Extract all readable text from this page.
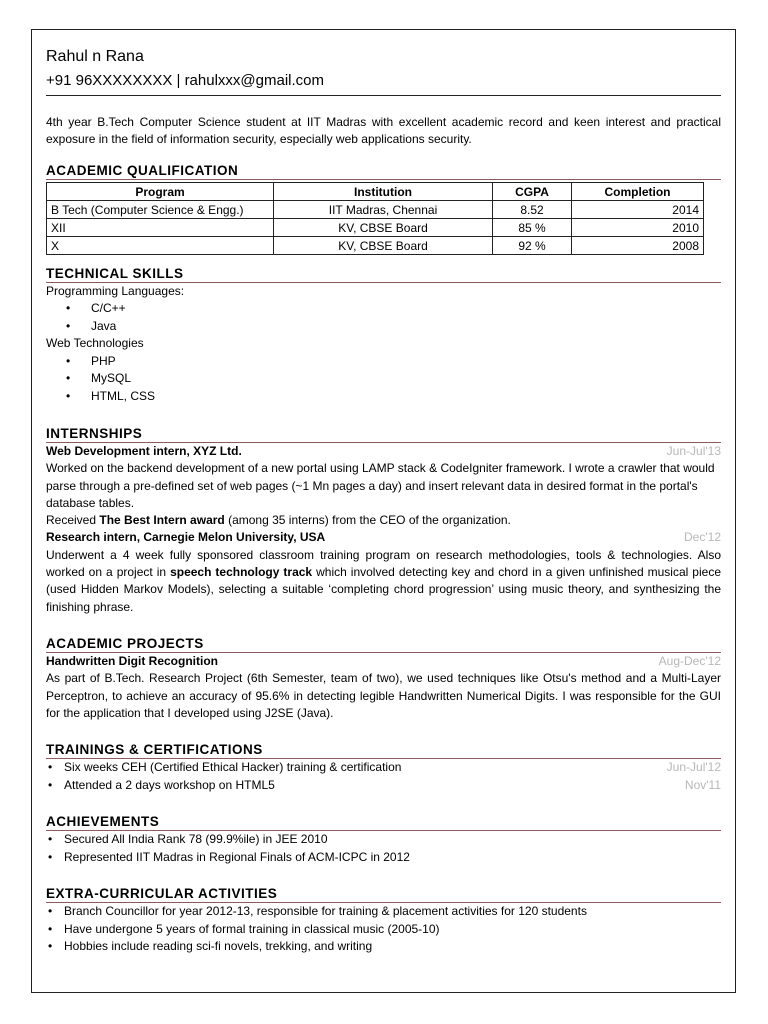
Rahul n Rana
+91 96XXXXXXXX | rahulxxx@gmail.com
4th year B.Tech Computer Science student at IIT Madras with excellent academic record and keen interest and practical exposure in the field of information security, especially web applications security.
ACADEMIC QUALIFICATION
Program	Institution	CGPA	Completion
B Tech (Computer Science & Engg.)	IIT Madras, Chennai	8.52	2014
XII	KV, CBSE Board	85 %	2010
X	KV, CBSE Board	92 %	2008
TECHNICAL SKILLS
Programming Languages:
• C/C++
• Java
Web Technologies
• PHP
• MySQL
• HTML, CSS
INTERNSHIPS
Web Development intern, XYZ Ltd.	Jun-Jul'13
Worked on the backend development of a new portal using LAMP stack & CodeIgniter framework. I wrote a crawler that would parse through a pre-defined set of web pages (~1 Mn pages a day) and insert relevant data in desired format in the portal's database tables.
Received The Best Intern award (among 35 interns) from the CEO of the organization.
Research intern, Carnegie Melon University, USA	Dec'12
Underwent a 4 week fully sponsored classroom training program on research methodologies, tools & technologies. Also worked on a project in speech technology track which involved detecting key and chord in a given unfinished musical piece (used Hidden Markov Models), selecting a suitable ‘completing chord progression’ using music theory, and synthesizing the finishing phrase.
ACADEMIC PROJECTS
Handwritten Digit Recognition	Aug-Dec'12
As part of B.Tech. Research Project (6th Semester, team of two), we used techniques like Otsu's method and a Multi-Layer Perceptron, to achieve an accuracy of 95.6% in detecting legible Handwritten Numerical Digits. I was responsible for the GUI for the application that I developed using J2SE (Java).
TRAININGS & CERTIFICATIONS
• Six weeks CEH (Certified Ethical Hacker) training & certification	Jun-Jul'12
• Attended a 2 days workshop on HTML5	Nov'11
ACHIEVEMENTS
• Secured All India Rank 78 (99.9%ile) in JEE 2010
• Represented IIT Madras in Regional Finals of ACM-ICPC in 2012
EXTRA-CURRICULAR ACTIVITIES
• Branch Councillor for year 2012-13, responsible for training & placement activities for 120 students
• Have undergone 5 years of formal training in classical music (2005-10)
• Hobbies include reading sci-fi novels, trekking, and writing
